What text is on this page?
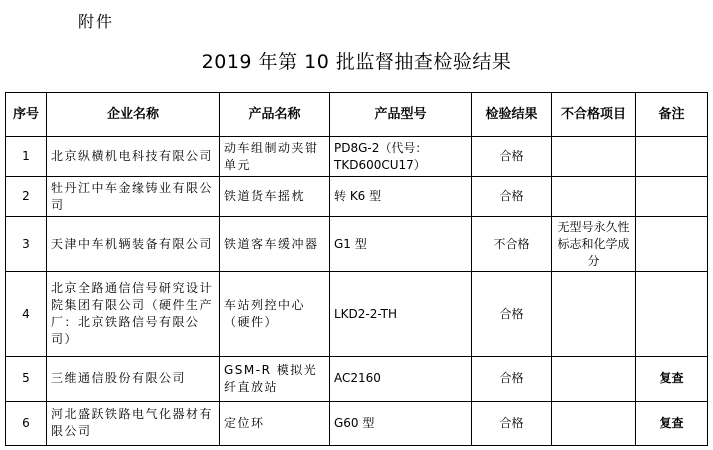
附件
2019 年第 10 批监督抽查检验结果
序号	企业名称	产品名称	产品型号	检验结果	不合格项目	备注
1	北京纵横机电科技有限公司	动车组制动夹钳单元	PD8G-2（代号：TKD600CU17）	合格		
2	牡丹江中车金缘铸业有限公司	铁道货车摇枕	转 K6 型	合格		
3	天津中车机辆装备有限公司	铁道客车缓冲器	G1 型	不合格	无型号永久性标志和化学成分	
4	北京全路通信信号研究设计院集团有限公司（硬件生产厂：北京铁路信号有限公司）	车站列控中心（硬件）	LKD2-2-TH	合格		
5	三维通信股份有限公司	GSM-R 模拟光纤直放站	AC2160	合格		复查
6	河北盛跃铁路电气化器材有限公司	定位环	G60 型	合格		复查
